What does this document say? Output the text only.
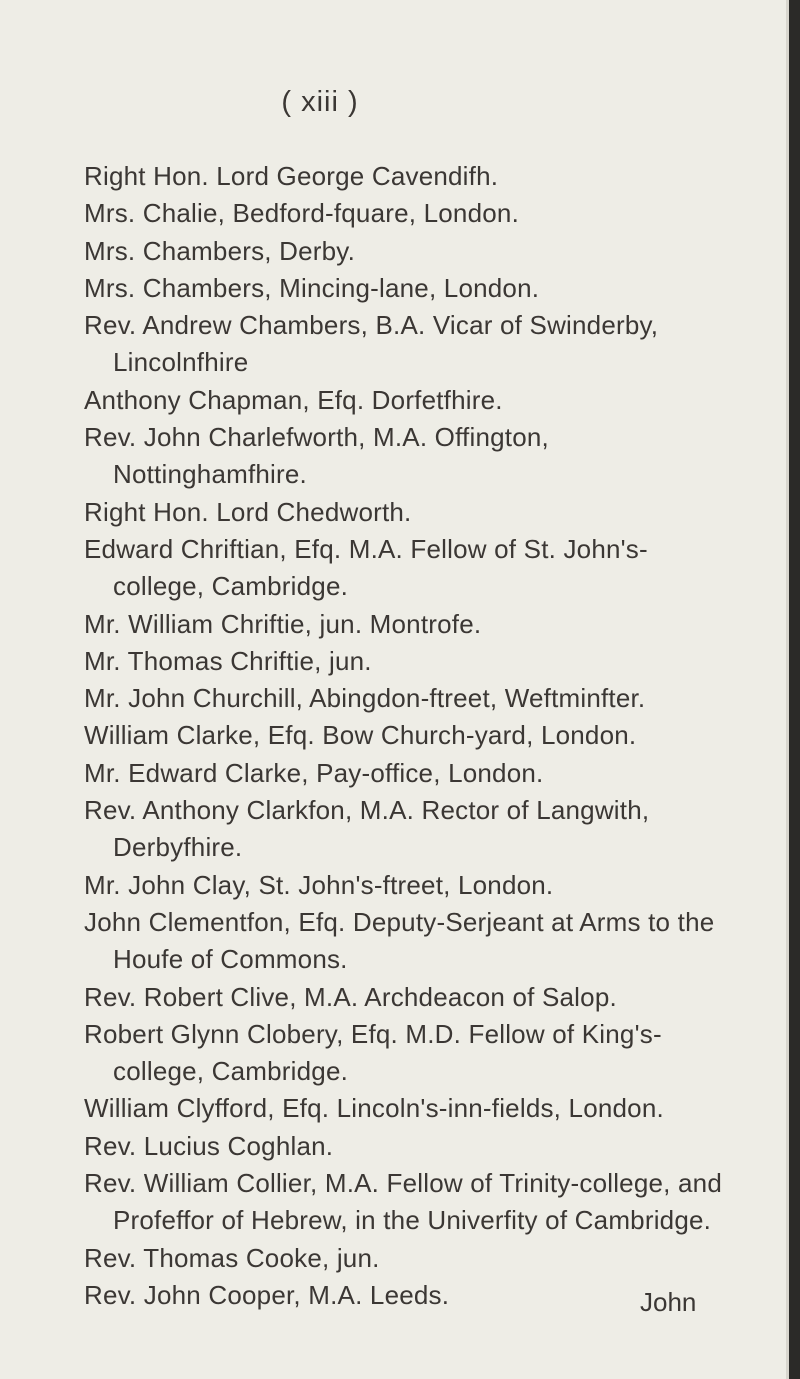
( xiii )
Right Hon. Lord George Cavendifh.
Mrs. Chalie, Bedford-fquare, London.
Mrs. Chambers, Derby.
Mrs. Chambers, Mincing-lane, London.
Rev. Andrew Chambers, B.A. Vicar of Swinderby, Lincolnfhire
Anthony Chapman, Efq. Dorfetfhire.
Rev. John Charlefworth, M.A. Offington, Nottinghamfhire.
Right Hon. Lord Chedworth.
Edward Chriftian, Efq. M.A. Fellow of St. John's-college, Cambridge.
Mr. William Chriftie, jun. Montrofe.
Mr. Thomas Chriftie, jun.
Mr. John Churchill, Abingdon-ftreet, Weftminfter.
William Clarke, Efq. Bow Church-yard, London.
Mr. Edward Clarke, Pay-office, London.
Rev. Anthony Clarkfon, M.A. Rector of Langwith, Derbyfhire.
Mr. John Clay, St. John's-ftreet, London.
John Clementfon, Efq. Deputy-Serjeant at Arms to the Houfe of Commons.
Rev. Robert Clive, M.A. Archdeacon of Salop.
Robert Glynn Clobery, Efq. M.D. Fellow of King's-college, Cambridge.
William Clyfford, Efq. Lincoln's-inn-fields, London.
Rev. Lucius Coghlan.
Rev. William Collier, M.A. Fellow of Trinity-college, and Profeffor of Hebrew, in the Univerfity of Cambridge.
Rev. Thomas Cooke, jun.
Rev. John Cooper, M.A. Leeds.	John
